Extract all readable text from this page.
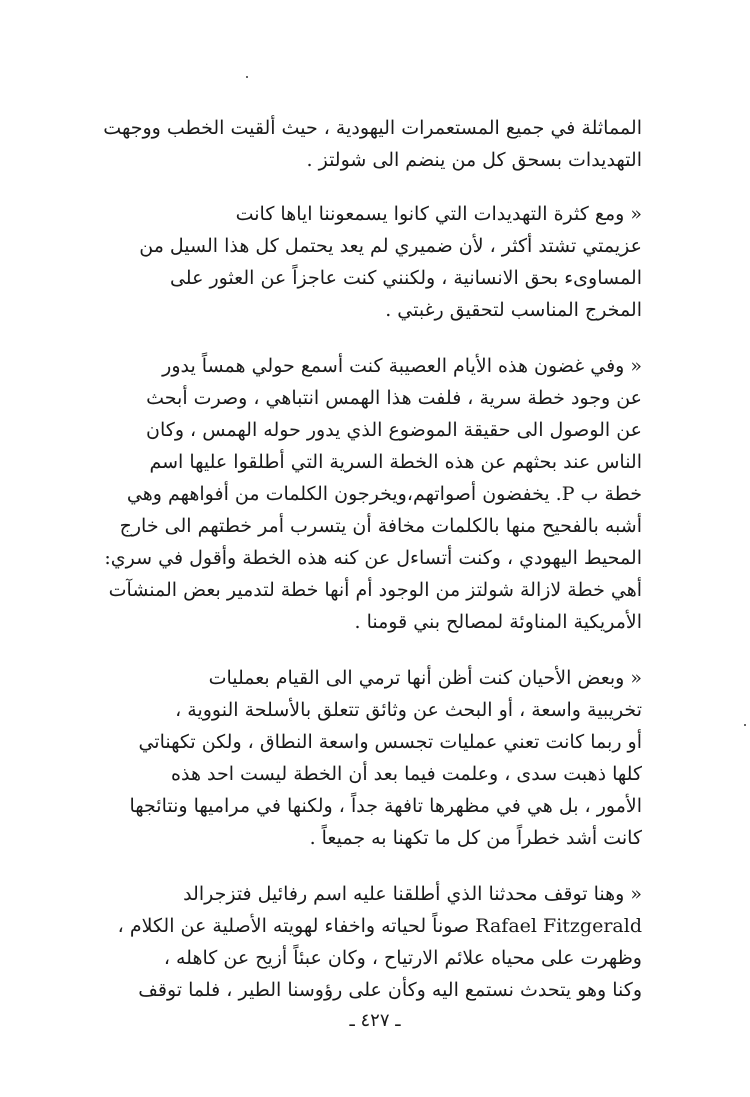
المماثلة في جميع المستعمرات اليهودية ، حيث ألقيت الخطب ووجهت
التهديدات بسحق كل من ينضم الى شولتز .

« ومع كثرة التهديدات التي كانوا يسمعوننا اياها كانت
عزيمتي تشتد أكثر ، لأن ضميري لم يعد يحتمل كل هذا السيل من
المساوىء بحق الانسانية ، ولكنني كنت عاجزاً عن العثور على
المخرج المناسب لتحقيق رغبتي .

« وفي غضون هذه الأيام العصيبة كنت أسمع حولي همساً يدور
عن وجود خطة سرية ، فلفت هذا الهمس انتباهي ، وصرت أبحث
عن الوصول الى حقيقة الموضوع الذي يدور حوله الهمس ، وكان
الناس عند بحثهم عن هذه الخطة السرية التي أطلقوا عليها اسم
خطة ب P. يخفضون أصواتهم،ويخرجون الكلمات من أفواههم وهي
أشبه بالفحيح منها بالكلمات مخافة أن يتسرب أمر خطتهم الى خارج
المحيط اليهودي ، وكنت أتساءل عن كنه هذه الخطة وأقول في سري:
أهي خطة لازالة شولتز من الوجود أم أنها خطة لتدمير بعض المنشآت
الأمريكية المناوئة لمصالح بني قومنا .

« وبعض الأحيان كنت أظن أنها ترمي الى القيام بعمليات
تخريبية واسعة ، أو البحث عن وثائق تتعلق بالأسلحة النووية ،
أو ربما كانت تعني عمليات تجسس واسعة النطاق ، ولكن تكهناتي
كلها ذهبت سدى ، وعلمت فيما بعد أن الخطة ليست احد هذه
الأمور ، بل هي في مظهرها تافهة جداً ، ولكنها في مراميها ونتائجها
كانت أشد خطراً من كل ما تكهنا به جميعاً .

« وهنا توقف محدثنا الذي أطلقنا عليه اسم رفائيل فتزجرالد
Rafael Fitzgerald صوناً لحياته واخفاء لهويته الأصلية عن الكلام ،
وظهرت على محياه علائم الارتياح ، وكان عبئاً أزيح عن كاهله ،
وكنا وهو يتحدث نستمع اليه وكأن على رؤوسنا الطير ، فلما توقف

ـ ٤٢٧ ـ
